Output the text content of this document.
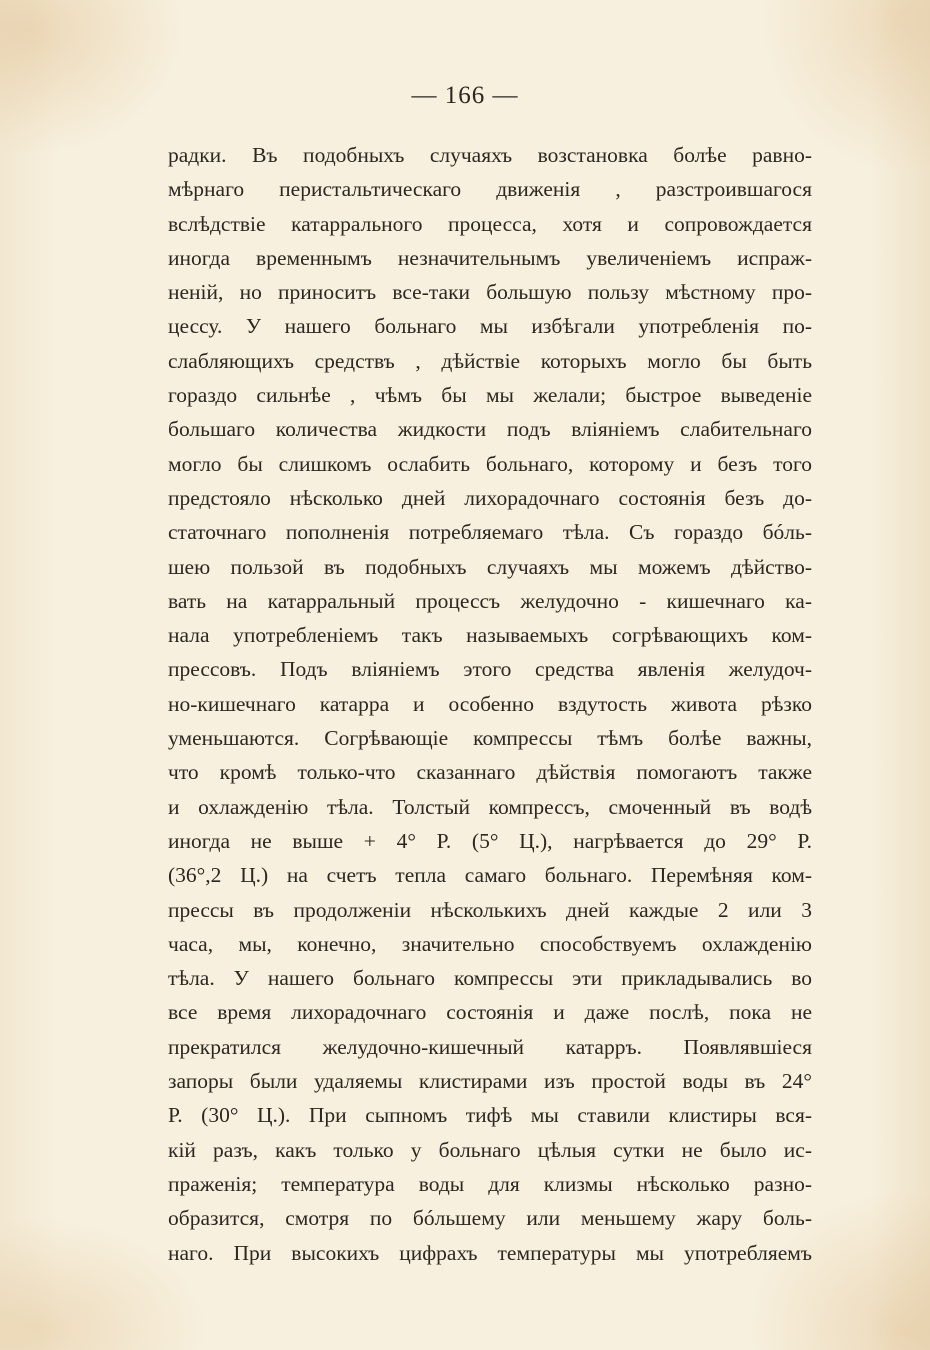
— 166 —
радки. Въ подобныхъ случаяхъ возстановка болѣе равно-
мѣрнаго перистальтическаго движенія , разстроившагося
вслѣдствіе катаррального процесса, хотя и сопровождается
иногда временнымъ незначительнымъ увеличеніемъ испраж-
неній, но приноситъ все-таки большую пользу мѣстному про-
цессу. У нашего больнаго мы избѣгали употребленія по-
слабляющихъ средствъ , дѣйствіе которыхъ могло бы быть
гораздо сильнѣе , чѣмъ бы мы желали; быстрое выведеніе
большаго количества жидкости подъ вліяніемъ слабительнаго
могло бы слишкомъ ослабить больнаго, которому и безъ того
предстояло нѣсколько дней лихорадочнаго состоянія безъ до-
статочнаго пополненія потребляемаго тѣла. Съ гораздо бóль-
шею пользой въ подобныхъ случаяхъ мы можемъ дѣйство-
вать на катарральный процессъ желудочно - кишечнаго ка-
нала употребленіемъ такъ называемыхъ согрѣвающихъ ком-
прессовъ. Подъ вліяніемъ этого средства явленія желудоч-
но-кишечнаго катарра и особенно вздутость живота рѣзко
уменьшаются. Согрѣвающіе компрессы тѣмъ болѣе важны,
что кромѣ только-что сказаннаго дѣйствія помогаютъ также
и охлажденію тѣла. Толстый компрессъ, смоченный въ водѣ
иногда не выше + 4° Р. (5° Ц.), нагрѣвается до 29° Р.
(36°,2 Ц.) на счетъ тепла самаго больнаго. Перемѣняя ком-
прессы въ продолженіи нѣсколькихъ дней каждые 2 или 3
часа, мы, конечно, значительно способствуемъ охлажденію
тѣла. У нашего больнаго компрессы эти прикладывались во
все время лихорадочнаго состоянія и даже послѣ, пока не
прекратился желудочно-кишечный катарръ. Появлявшіеся
запоры были удаляемы клистирами изъ простой воды въ 24°
Р. (30° Ц.). При сыпномъ тифѣ мы ставили клистиры вся-
кій разъ, какъ только у больнаго цѣлыя сутки не было ис-
праженія; температура воды для клизмы нѣсколько разно-
образится, смотря по бóльшему или меньшему жару боль-
наго. При высокихъ цифрахъ температуры мы употребляемъ
